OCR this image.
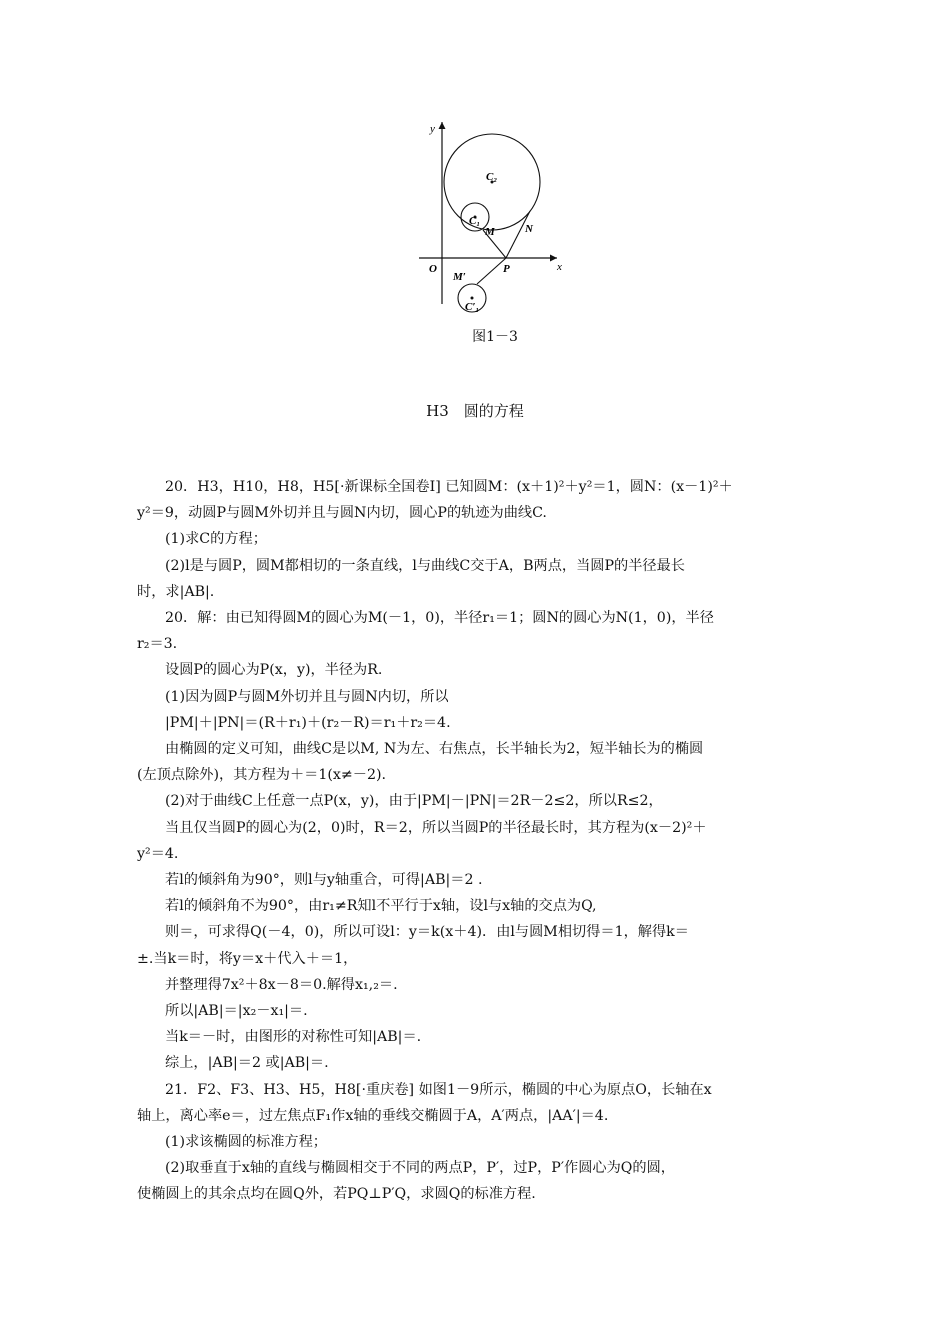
y
x
O	P
M	N
M′
C₂
C₁
C′₁
图1－3
H3　圆的方程

20．H3，H10，H8，H5[·新课标全国卷Ⅰ] 已知圆M：(x＋1)²＋y²＝1，圆N：(x－1)²＋

y²＝9，动圆P与圆M外切并且与圆N内切，圆心P的轨迹为曲线C.

(1)求C的方程；

(2)l是与圆P，圆M都相切的一条直线，l与曲线C交于A，B两点，当圆P的半径最长

时，求|AB|.

20．解：由已知得圆M的圆心为M(－1，0)，半径r₁＝1；圆N的圆心为N(1，0)，半径

r₂＝3.

设圆P的圆心为P(x，y)，半径为R.

(1)因为圆P与圆M外切并且与圆N内切，所以

|PM|＋|PN|＝(R＋r₁)＋(r₂－R)＝r₁＋r₂＝4.

由椭圆的定义可知，曲线C是以M, N为左、右焦点，长半轴长为2，短半轴长为的椭圆

(左顶点除外)，其方程为＋＝1(x≠－2).

(2)对于曲线C上任意一点P(x，y)，由于|PM|－|PN|＝2R－2≤2，所以R≤2，

当且仅当圆P的圆心为(2，0)时，R＝2，所以当圆P的半径最长时，其方程为(x－2)²＋

y²＝4.

若l的倾斜角为90°，则l与y轴重合，可得|AB|＝2 .

若l的倾斜角不为90°，由r₁≠R知l不平行于x轴，设l与x轴的交点为Q,

则＝，可求得Q(－4，0)，所以可设l：y＝k(x＋4)．由l与圆M相切得＝1，解得k＝

±.当k＝时，将y＝x＋代入＋＝1，

并整理得7x²＋8x－8＝0.解得x₁,₂＝.

所以|AB|＝|x₂－x₁|＝.

当k＝－时，由图形的对称性可知|AB|＝.

综上，|AB|＝2 或|AB|＝.

21．F2、F3、H3、H5，H8[·重庆卷] 如图1－9所示，椭圆的中心为原点O，长轴在x

轴上，离心率e＝，过左焦点F₁作x轴的垂线交椭圆于A，A′两点，|AA′|＝4.

(1)求该椭圆的标准方程；

(2)取垂直于x轴的直线与椭圆相交于不同的两点P，P′，过P，P′作圆心为Q的圆，

使椭圆上的其余点均在圆Q外，若PQ⊥P′Q，求圆Q的标准方程.
